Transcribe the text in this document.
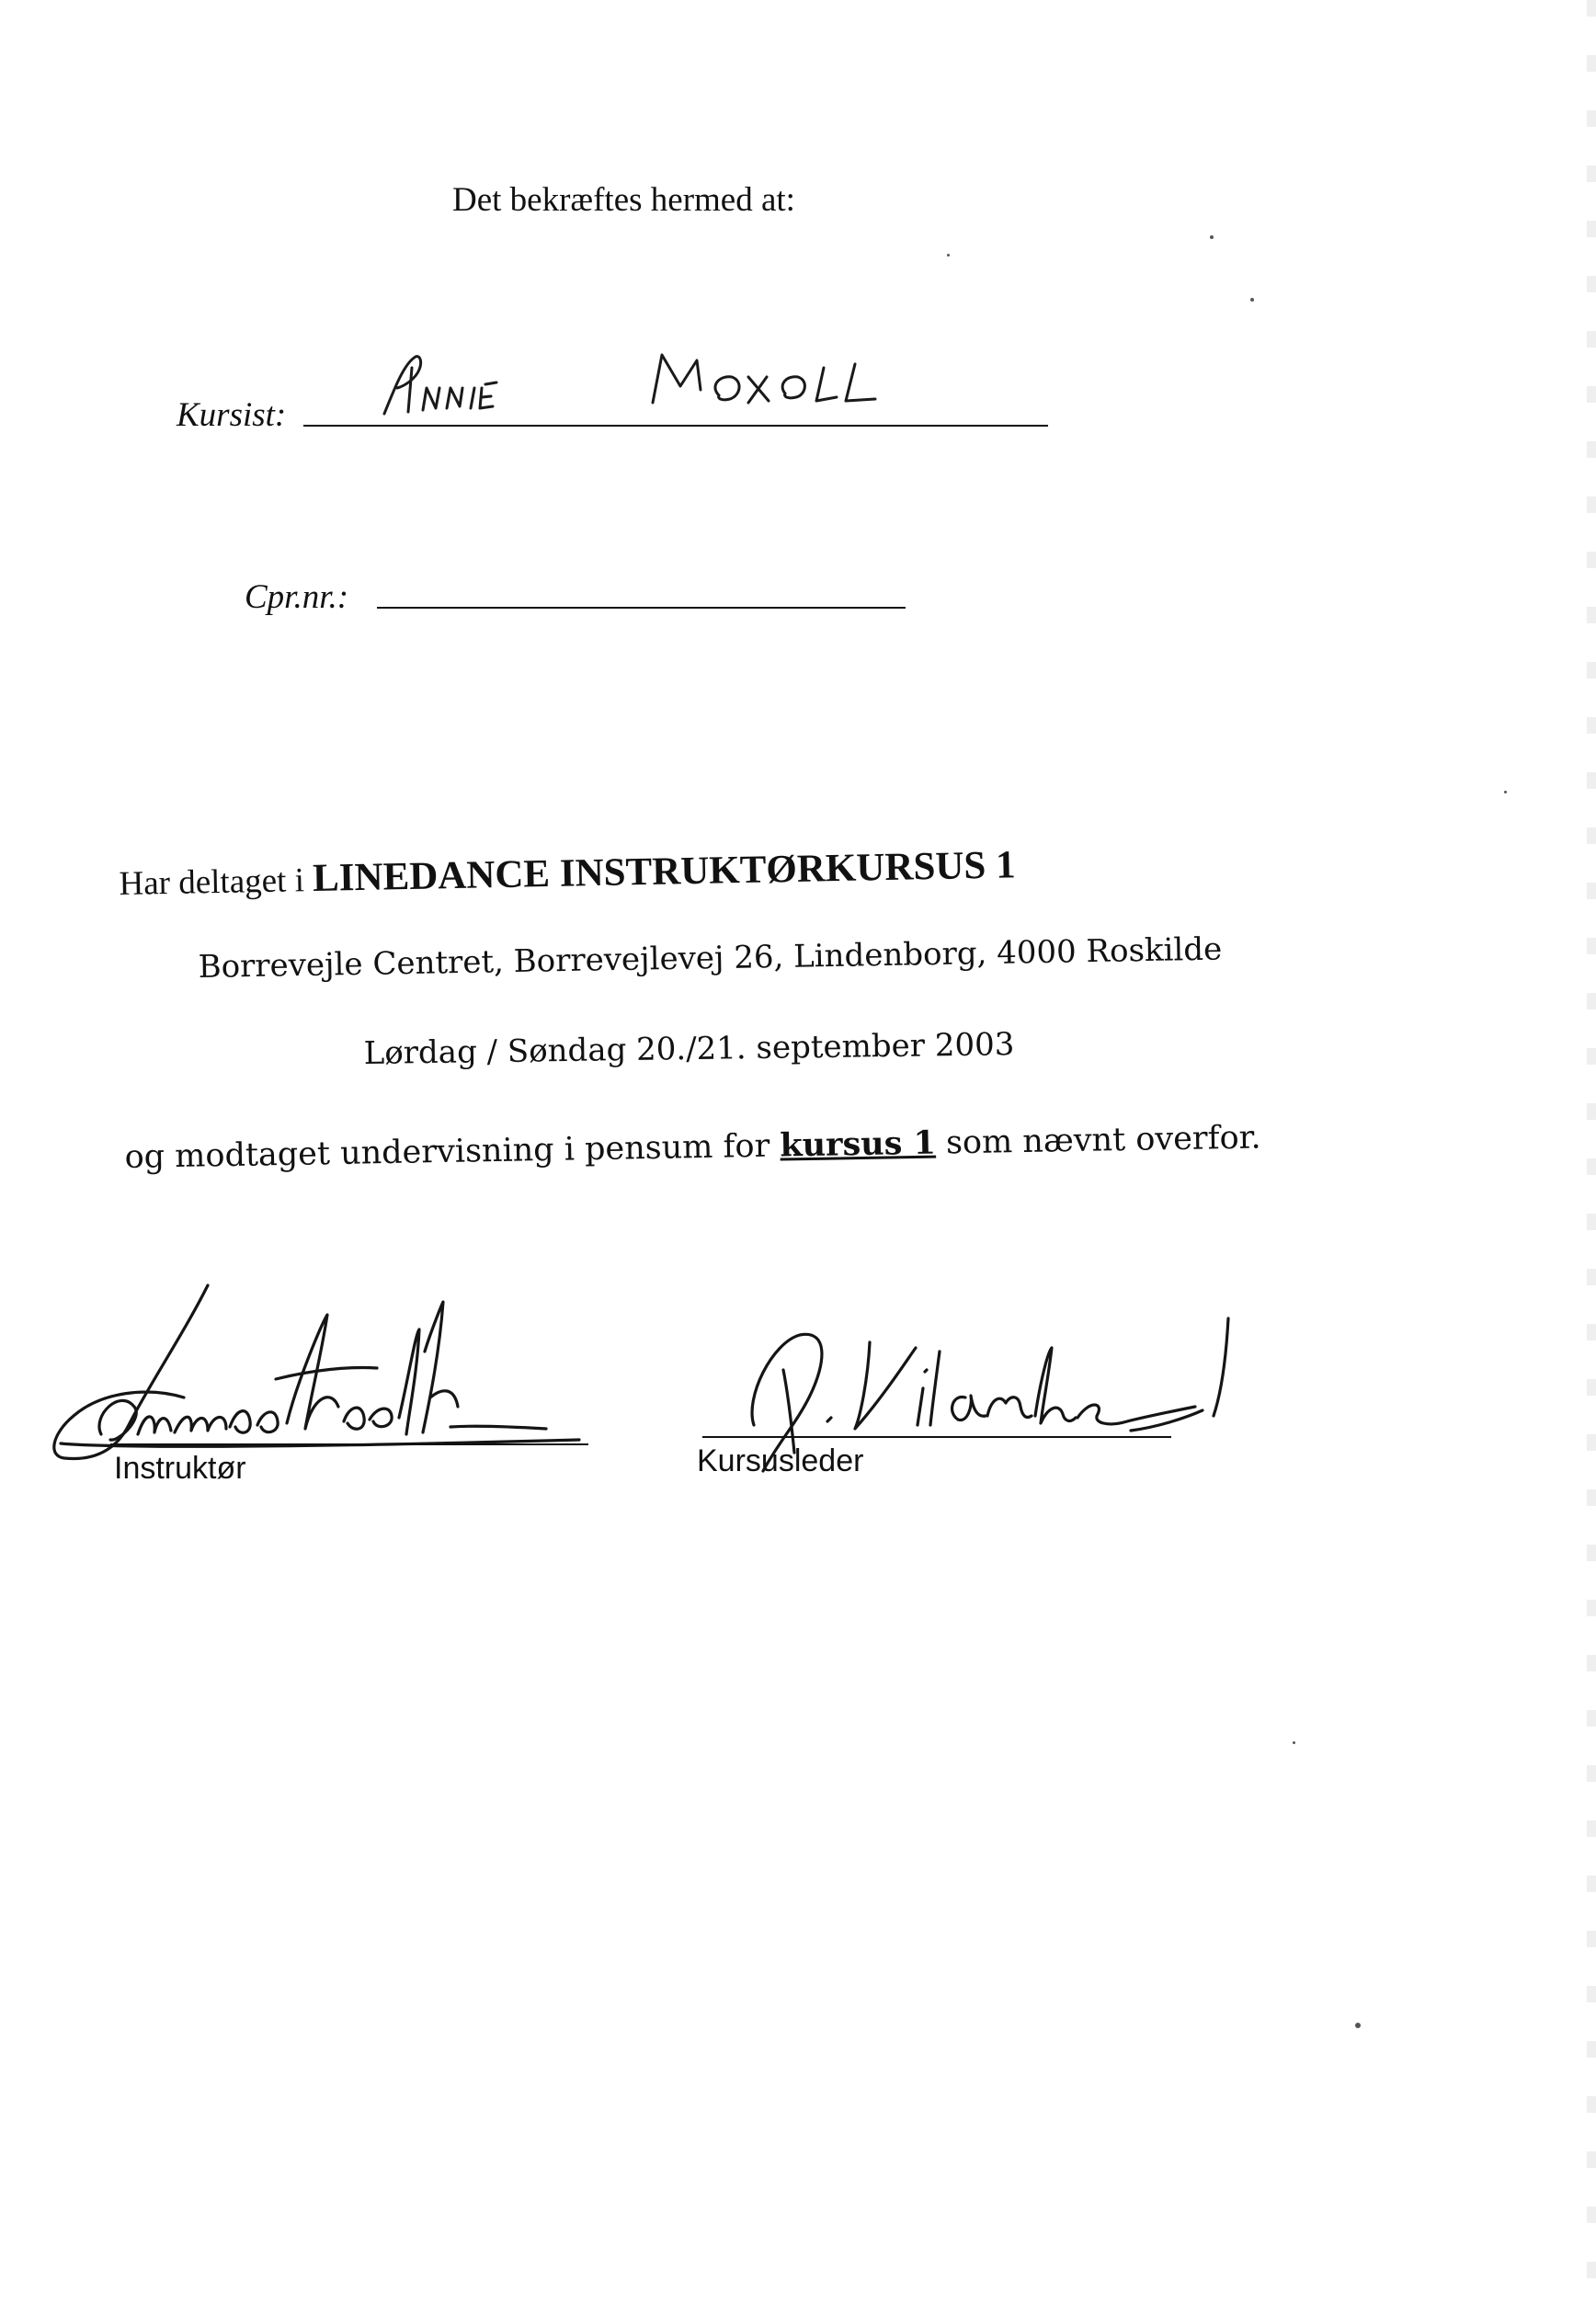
Det bekræftes hermed at:
Kursist:
Cpr.nr.:
Har deltaget i LINEDANCE INSTRUKTØRKURSUS 1
Borrevejle Centret, Borrevejlevej 26, Lindenborg, 4000 Roskilde
Lørdag / Søndag 20./21. september 2003
og modtaget undervisning i pensum for kursus 1 som nævnt overfor.
Instruktør	Kursusleder
